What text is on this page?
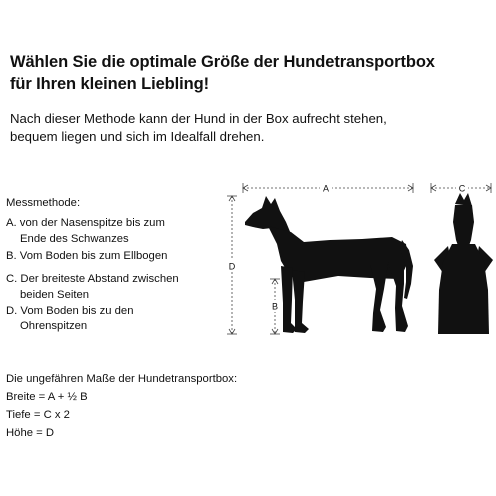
Wählen Sie die optimale Größe der Hundetransportbox

für Ihren kleinen Liebling!

Nach dieser Methode kann der Hund in der Box aufrecht stehen,

bequem liegen und sich im Idealfall drehen.

Messmethode:

A. von der Nasenspitze bis zum

Ende des Schwanzes

B. Vom Boden bis zum Ellbogen

C. Der breiteste Abstand zwischen

beiden Seiten

D. Vom Boden bis zu den

Ohrenspitzen

Die ungefähren Maße der Hundetransportbox:

Breite = A + ½ B

Tiefe = C x 2

Höhe = D

A	C
D
B
